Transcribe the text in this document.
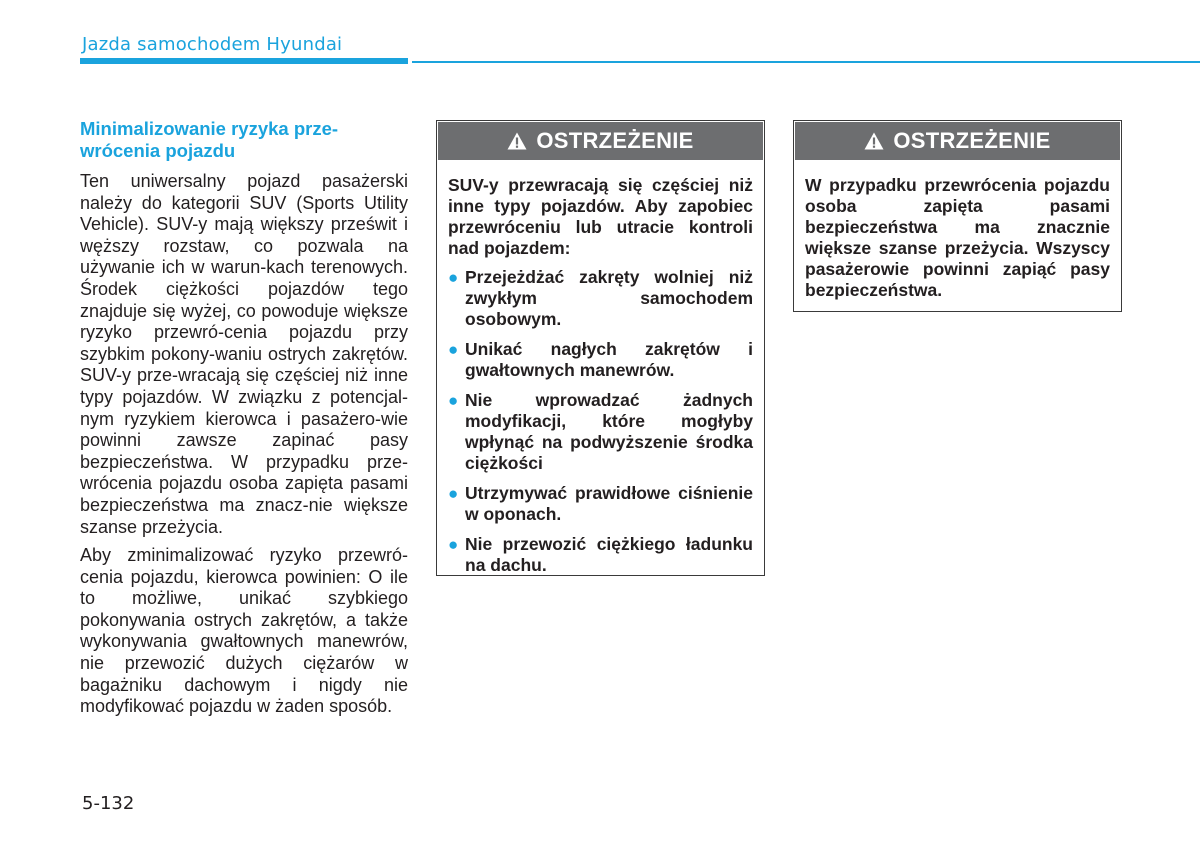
Jazda samochodem Hyundai
Minimalizowanie ryzyka prze-
wrócenia pojazdu

Ten uniwersalny pojazd pasażerski należy do kategorii SUV (Sports Utility Vehicle). SUV-y mają większy prześwit i węższy rozstaw, co pozwala na używanie ich w warun-kach terenowych. Środek ciężkości pojazdów tego znajduje się wyżej, co powoduje większe ryzyko przewró-cenia pojazdu przy szybkim pokony-waniu ostrych zakrętów. SUV-y prze-wracają się częściej niż inne typy pojazdów. W związku z potencjal-nym ryzykiem kierowca i pasażero-wie powinni zawsze zapinać pasy bezpieczeństwa. W przypadku prze-wrócenia pojazdu osoba zapięta pasami bezpieczeństwa ma znacz-nie większe szanse przeżycia.

Aby zminimalizować ryzyko przewró-cenia pojazdu, kierowca powinien: O ile to możliwe, unikać szybkiego pokonywania ostrych zakrętów, a także wykonywania gwałtownych manewrów, nie przewozić dużych ciężarów w bagażniku dachowym i nigdy nie modyfikować pojazdu w żaden sposób.

OSTRZEŻENIE

SUV-y przewracają się częściej niż inne typy pojazdów. Aby zapobiec przewróceniu lub utracie kontroli nad pojazdem:

● Przejeżdżać zakręty wolniej niż zwykłym samochodem osobowym.
● Unikać nagłych zakrętów i gwałtownych manewrów.
● Nie wprowadzać żadnych modyfikacji, które mogłyby wpłynąć na podwyższenie środka ciężkości
● Utrzymywać prawidłowe ciśnienie w oponach.
● Nie przewozić ciężkiego ładunku na dachu.
OSTRZEŻENIE

W przypadku przewrócenia pojazdu osoba zapięta pasami bezpieczeństwa ma znacznie większe szanse przeżycia. Wszyscy pasażerowie powinni zapiąć pasy bezpieczeństwa.

5-132
